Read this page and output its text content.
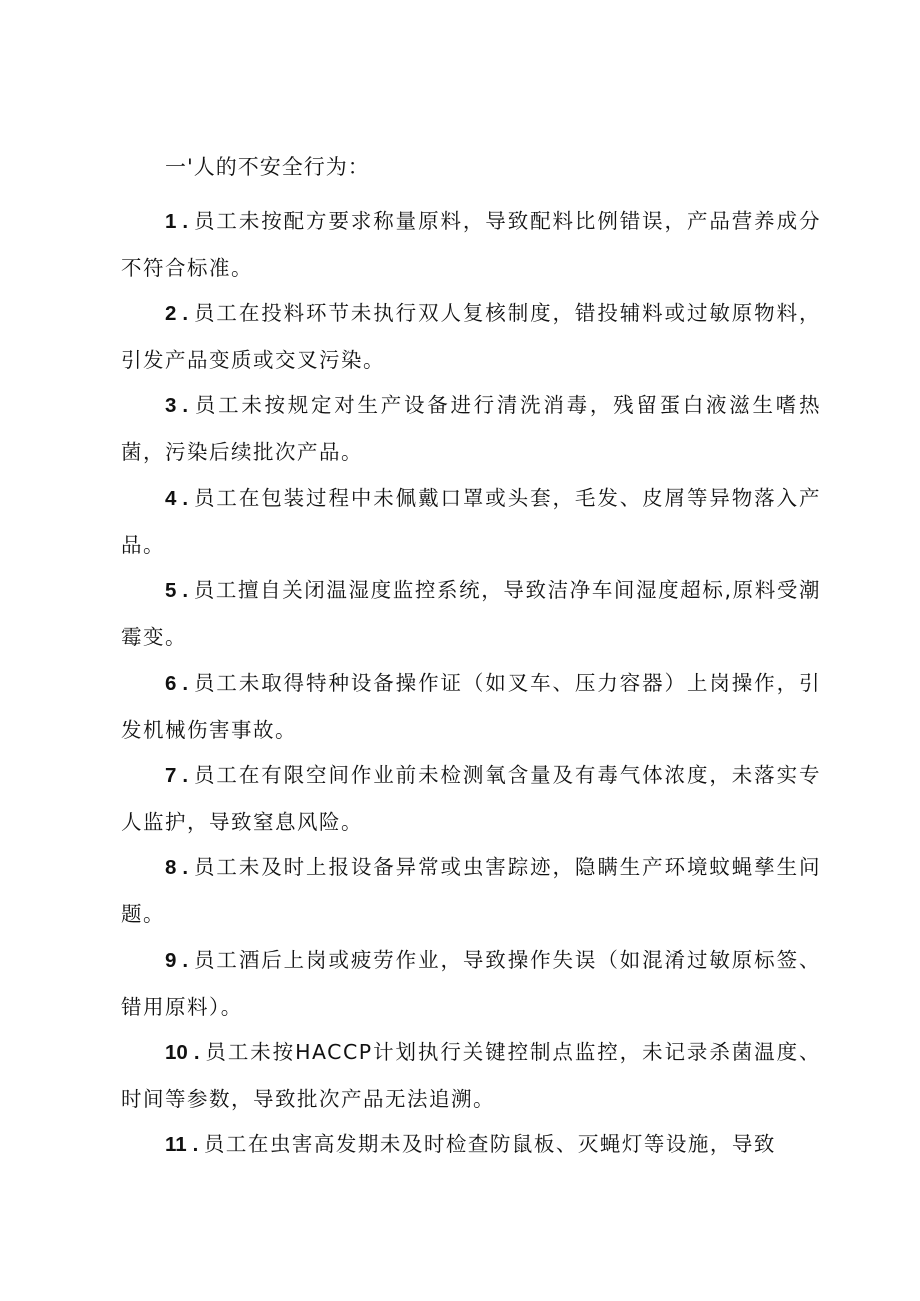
一'人的不安全行为：
1 . 员工未按配方要求称量原料，导致配料比例错误，产品营养成分不符合标准。
2 . 员工在投料环节未执行双人复核制度，错投辅料或过敏原物料，引发产品变质或交叉污染。
3 . 员工未按规定对生产设备进行清洗消毒，残留蛋白液滋生嗜热菌，污染后续批次产品。
4 . 员工在包装过程中未佩戴口罩或头套，毛发、皮屑等异物落入产品。
5 . 员工擅自关闭温湿度监控系统，导致洁净车间湿度超标,原料受潮霉变。
6 . 员工未取得特种设备操作证（如叉车、压力容器）上岗操作，引发机械伤害事故。
7 . 员工在有限空间作业前未检测氧含量及有毒气体浓度，未落实专人监护，导致窒息风险。
8 . 员工未及时上报设备异常或虫害踪迹，隐瞒生产环境蚊蝇孳生问题。
9 . 员工酒后上岗或疲劳作业，导致操作失误（如混淆过敏原标签、错用原料）。
10 . 员工未按HACCP计划执行关键控制点监控，未记录杀菌温度、时间等参数，导致批次产品无法追溯。
11 . 员工在虫害高发期未及时检查防鼠板、灭蝇灯等设施，导致
